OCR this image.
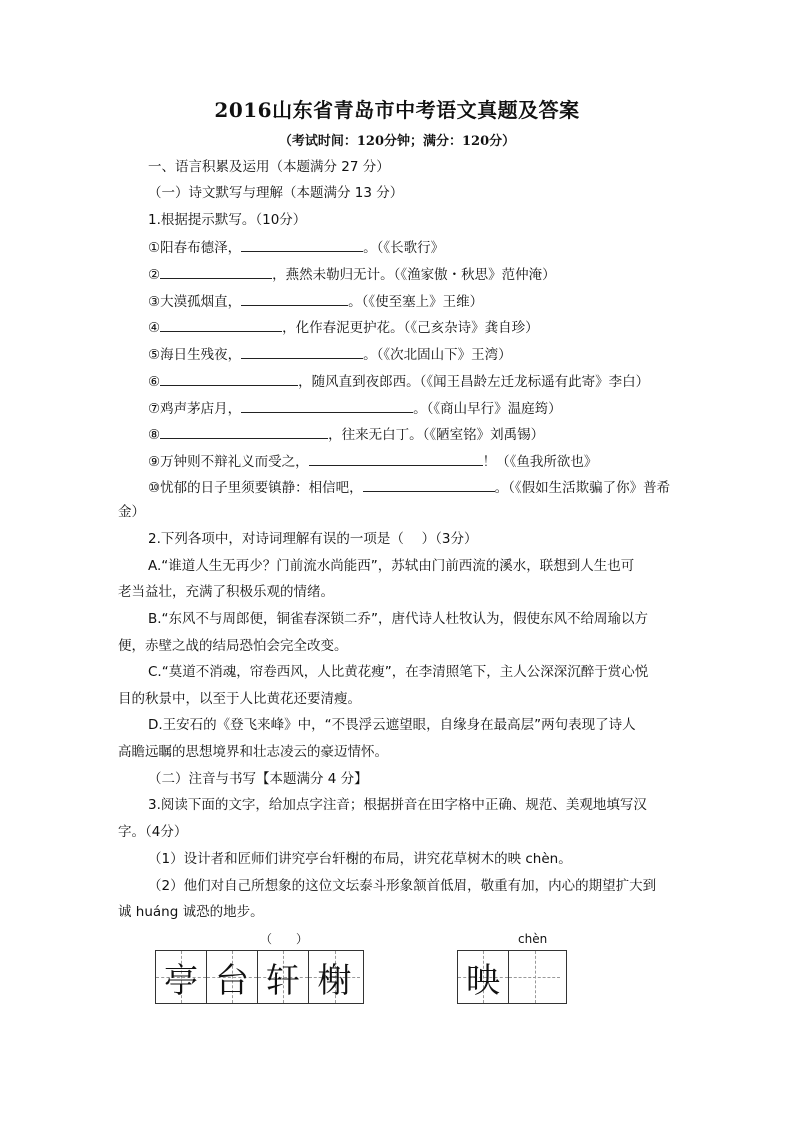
2016山东省青岛市中考语文真题及答案
（考试时间：120分钟；满分：120分）
一、语言积累及运用（本题满分 27 分）
（一）诗文默写与理解（本题满分 13 分）
1.根据提示默写。（10分）
①阳春布德泽，	。（《长歌行》
②	，燕然未勒归无计。（《渔家傲・秋思》范仲淹）
③大漠孤烟直，	。（《使至塞上》王维）
④	，化作春泥更护花。（《己亥杂诗》龚自珍）
⑤海日生残夜，	。（《次北固山下》王湾）
⑥	，随风直到夜郎西。（《闻王昌龄左迁龙标遥有此寄》李白）
⑦鸡声茅店月，	。（《商山早行》温庭筠）
⑧	，往来无白丁。（《陋室铭》刘禹锡）
⑨万钟则不辩礼义而受之，	！（《鱼我所欲也》
⑩忧郁的日子里须要镇静：相信吧，	。（《假如生活欺骗了你》普希
金）
2.下列各项中，对诗词理解有误的一项是（　 ）（3分）
A.“谁道人生无再少？门前流水尚能西”，苏轼由门前西流的溪水，联想到人生也可
老当益壮，充满了积极乐观的情绪。
B.“东风不与周郎便，铜雀春深锁二乔”，唐代诗人杜牧认为，假使东风不给周瑜以方
便，赤壁之战的结局恐怕会完全改变。
C.“莫道不消魂，帘卷西风，人比黄花瘦”，在李清照笔下，主人公深深沉醉于赏心悦
目的秋景中，以至于人比黄花还要清瘦。
D.王安石的《登飞来峰》中，“不畏浮云遮望眼，自缘身在最高层”两句表现了诗人
高瞻远瞩的思想境界和壮志凌云的豪迈情怀。
（二）注音与书写【本题满分 4 分】
3.阅读下面的文字，给加点字注音；根据拼音在田字格中正确、规范、美观地填写汉
字。（4分）
（1）设计者和匠师们讲究亭台轩榭的布局，讲究花草树木的映 chèn。
（2）他们对自己所想象的这位文坛泰斗形象颔首低眉，敬重有加，内心的期望扩大到
诚 huáng 诚恐的地步。
（　　）	chèn
亭 台 轩 榭	映
